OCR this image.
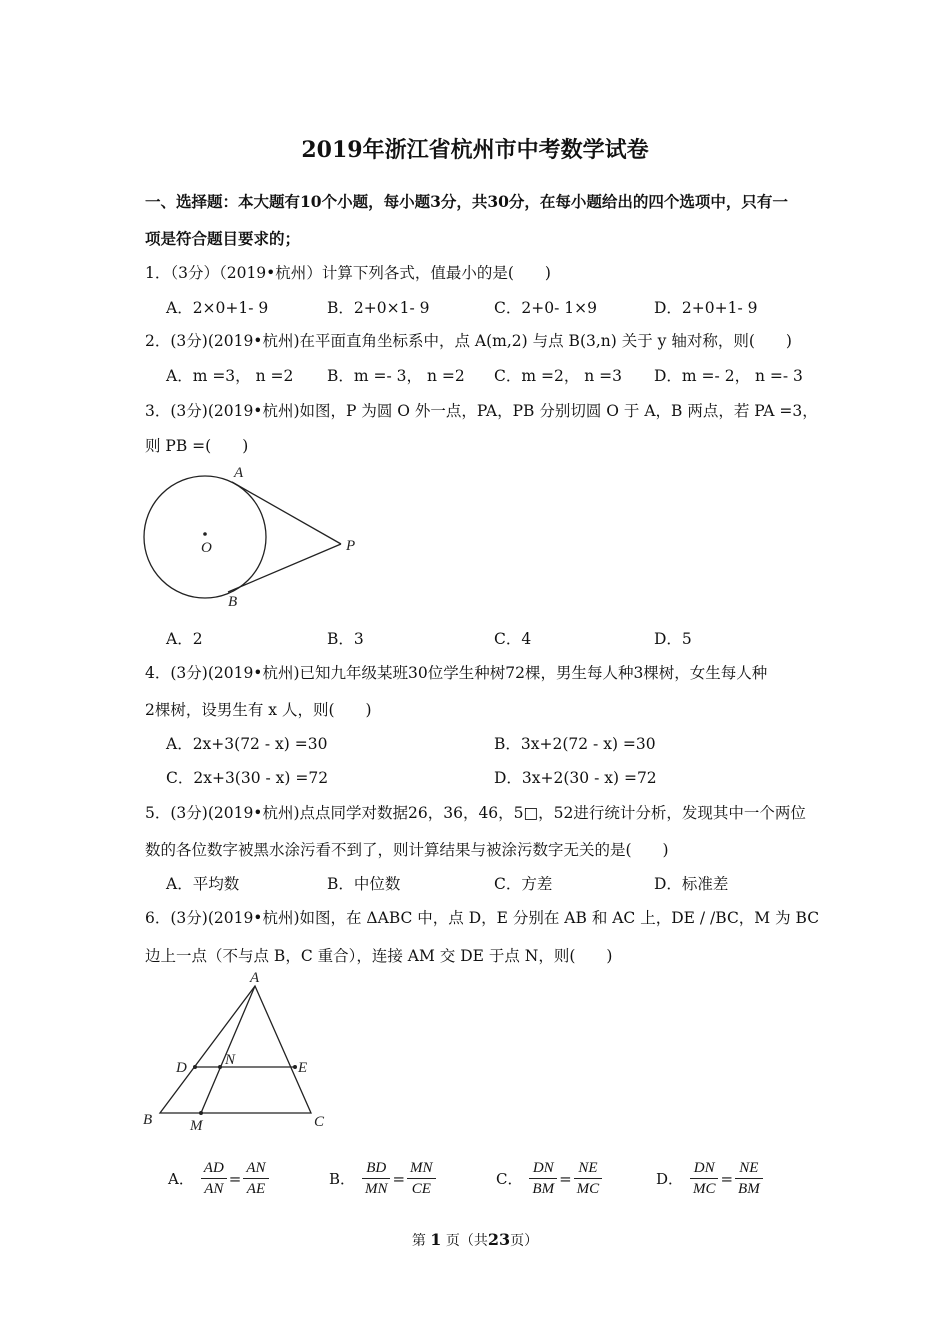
2019年浙江省杭州市中考数学试卷
一、选择题：本大题有10个小题，每小题3分，共30分，在每小题给出的四个选项中，只有一
项是符合题目要求的；
1．（3分）（2019•杭州）计算下列各式，值最小的是(　　)
A．2×0+1- 9	B．2+0×1- 9	C．2+0- 1×9	D．2+0+1- 9
2．(3分)(2019•杭州)在平面直角坐标系中，点 A(m,2) 与点 B(3,n) 关于 y 轴对称，则(　　)
A．m =3， n =2 B．m =- 3， n =2 C．m =2， n =3 D．m =- 2， n =- 3
3．(3分)(2019•杭州)如图，P 为圆 O 外一点，PA，PB 分别切圆 O 于 A，B 两点，若 PA =3，
则 PB =(　　)
A
O	P
B
A．2	B．3	C．4	D．5
4．(3分)(2019•杭州)已知九年级某班30位学生种树72棵，男生每人种3棵树，女生每人种
2棵树，设男生有 x 人，则(　　)
A．2x+3(72 - x) =30	B．3x+2(72 - x) =30
C．2x+3(30 - x) =72	D．3x+2(30 - x) =72
5．(3分)(2019•杭州)点点同学对数据26，36，46，5□，52进行统计分析，发现其中一个两位
数的各位数字被黑水涂污看不到了，则计算结果与被涂污数字无关的是(　　)
A．平均数	B．中位数	C．方差	D．标准差
6．(3分)(2019•杭州)如图，在 ΔABC 中，点 D，E 分别在 AB 和 AC 上，DE / /BC，M 为 BC
边上一点（不与点 B，C 重合），连接 AM 交 DE 于点 N，则(　　)
A
D	N	E
B	M	C
A． $\frac{AD}{AN} = \frac{AN}{AE}$	B． $\frac{BD}{MN} = \frac{MN}{CE}$	C． $\frac{DN}{BM} = \frac{NE}{MC}$	D． $\frac{DN}{MC} = \frac{NE}{BM}$
第 1 页（共23页）
